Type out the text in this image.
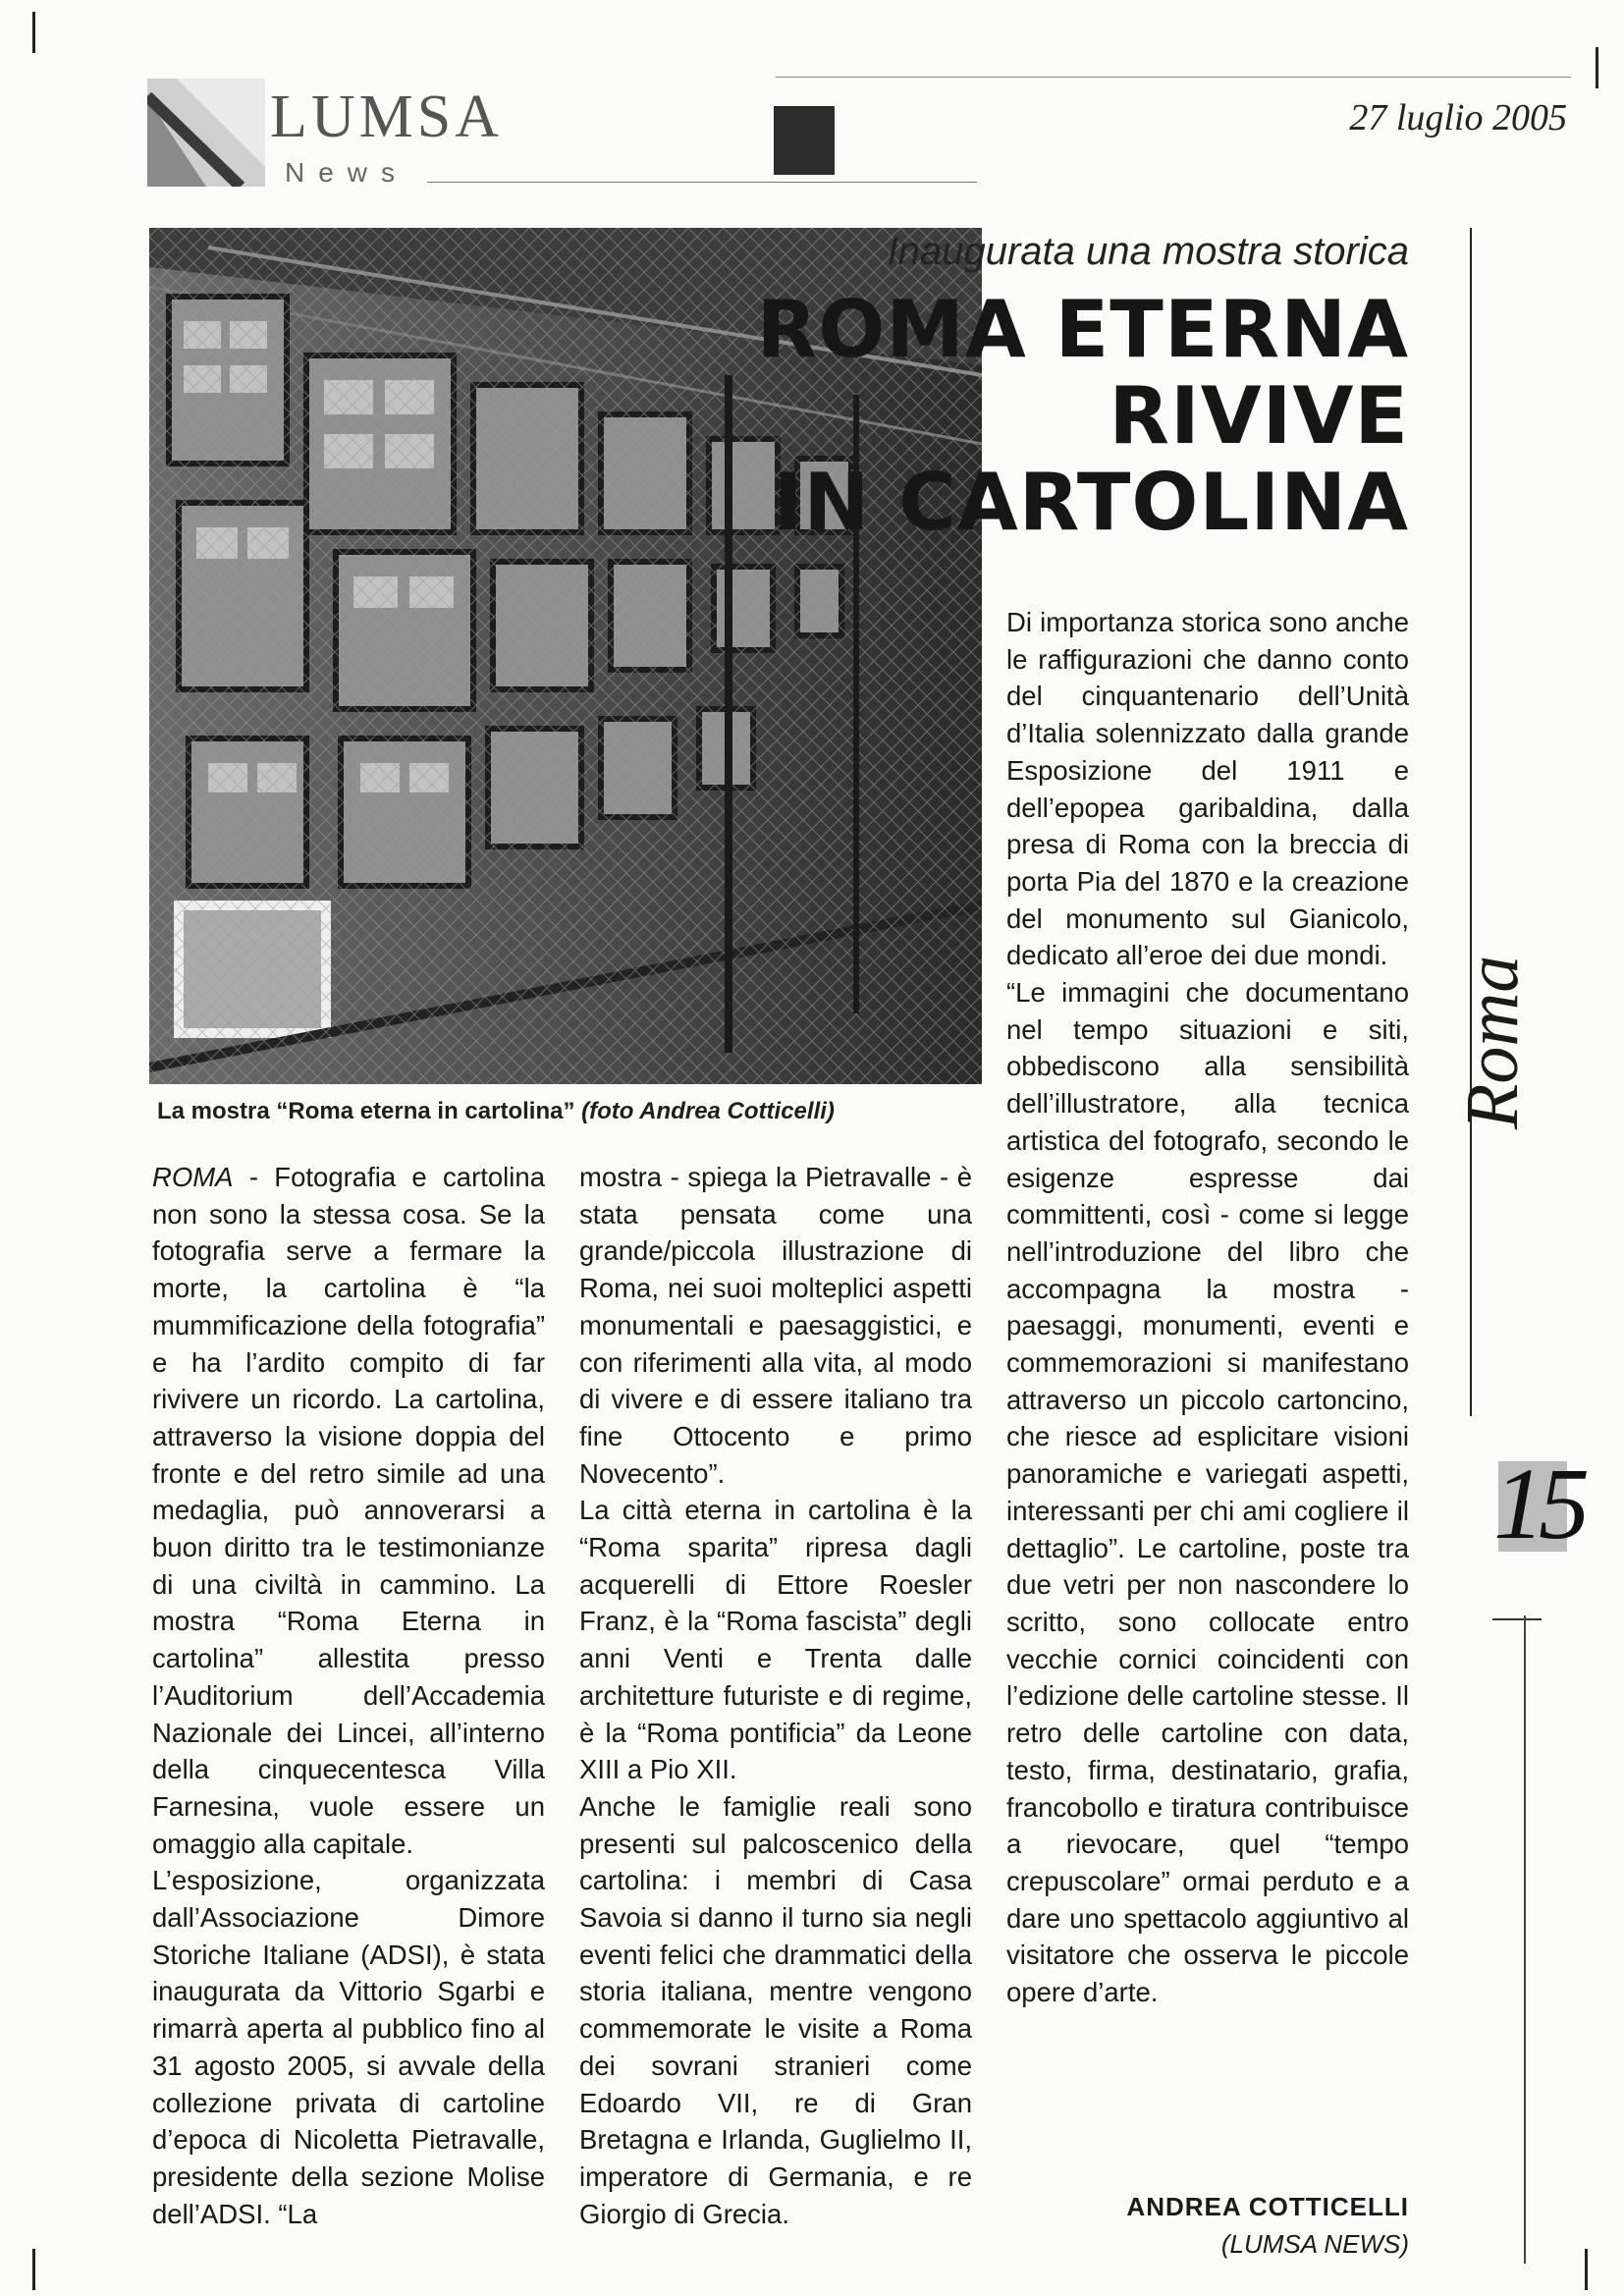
LUMSA
News
27 luglio 2005
Inaugurata una mostra storica
ROMA ETERNA
RIVIVE
IN CARTOLINA
La mostra “Roma eterna in cartolina” (foto Andrea Cotticelli)

ROMA - Fotografia e cartolina non sono la stessa cosa. Se la fotografia serve a fermare la morte, la cartolina è “la mummificazione della fotografia” e ha l’ardito compito di far rivivere un ricordo. La cartolina, attraverso la visione doppia del fronte e del retro simile ad una medaglia, può annoverarsi a buon diritto tra le testimonianze di una civiltà in cammino. La mostra “Roma Eterna in cartolina” allestita presso l’Auditorium dell’Accademia Nazionale dei Lincei, all’interno della cinquecentesca Villa Farnesina, vuole essere un omaggio alla capitale.

L’esposizione, organizzata dall’Associazione Dimore Storiche Italiane (ADSI), è stata inaugurata da Vittorio Sgarbi e rimarrà aperta al pubblico fino al 31 agosto 2005, si avvale della collezione privata di cartoline d’epoca di Nicoletta Pietravalle, presidente della sezione Molise dell’ADSI. “La

mostra - spiega la Pietravalle - è stata pensata come una grande/piccola illustrazione di Roma, nei suoi molteplici aspetti monumentali e paesaggistici, e con riferimenti alla vita, al modo di vivere e di essere italiano tra fine Ottocento e primo Novecento”.

La città eterna in cartolina è la “Roma sparita” ripresa dagli acquerelli di Ettore Roesler Franz, è la “Roma fascista” degli anni Venti e Trenta dalle architetture futuriste e di regime, è la “Roma pontificia” da Leone XIII a Pio XII.

Anche le famiglie reali sono presenti sul palcoscenico della cartolina: i membri di Casa Savoia si danno il turno sia negli eventi felici che drammatici della storia italiana, mentre vengono commemorate le visite a Roma dei sovrani stranieri come Edoardo VII, re di Gran Bretagna e Irlanda, Guglielmo II, imperatore di Germania, e re Giorgio di Grecia.

Di importanza storica sono anche le raffigurazioni che danno conto del cinquantenario dell’Unità d’Italia solennizzato dalla grande Esposizione del 1911 e dell’epopea garibaldina, dalla presa di Roma con la breccia di porta Pia del 1870 e la creazione del monumento sul Gianicolo, dedicato all’eroe dei due mondi.

“Le immagini che documentano nel tempo situazioni e siti, obbediscono alla sensibilità dell’illustratore, alla tecnica artistica del fotografo, secondo le esigenze espresse dai committenti, così - come si legge nell’introduzione del libro che accompagna la mostra - paesaggi, monumenti, eventi e commemorazioni si manifestano attraverso un piccolo cartoncino, che riesce ad esplicitare visioni panoramiche e variegati aspetti, interessanti per chi ami cogliere il dettaglio”. Le cartoline, poste tra due vetri per non nascondere lo scritto, sono collocate entro vecchie cornici coincidenti con l’edizione delle cartoline stesse. Il retro delle cartoline con data, testo, firma, destinatario, grafia, francobollo e tiratura contribuisce a rievocare, quel “tempo crepuscolare” ormai perduto e a dare uno spettacolo aggiuntivo al visitatore che osserva le piccole opere d’arte.

ANDREA COTTICELLI
(LUMSA NEWS)
Roma
15
